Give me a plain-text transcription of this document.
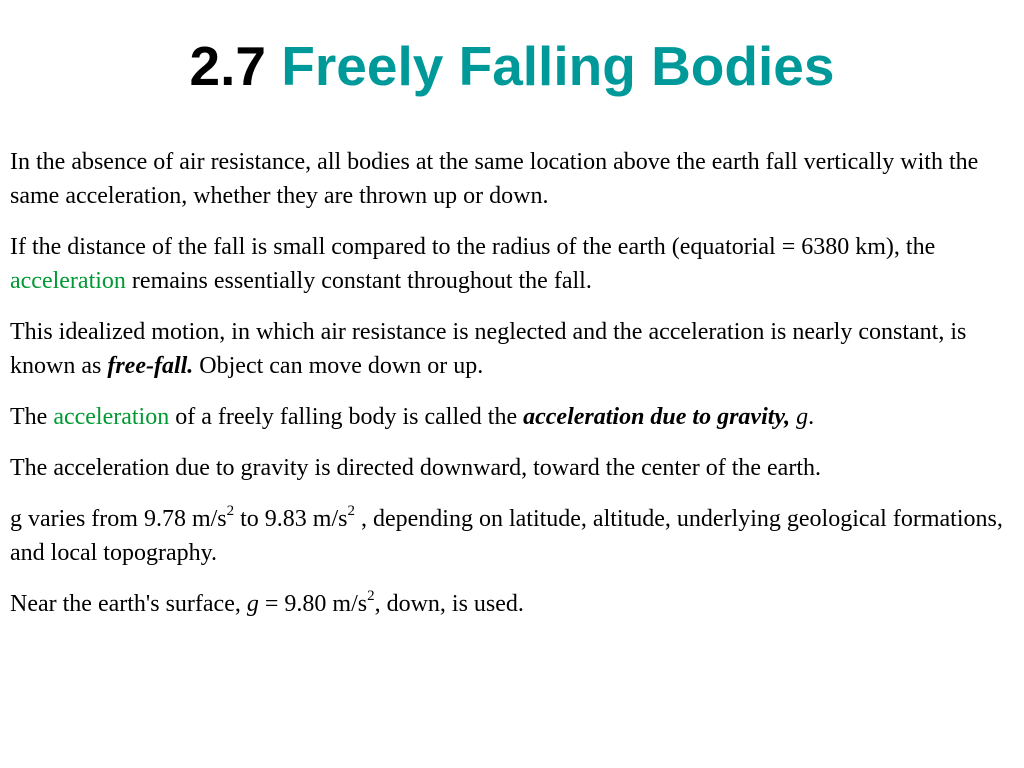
2.7 Freely Falling Bodies

In the absence of air resistance, all bodies at the same location above the earth fall vertically with the same acceleration, whether they are thrown up or down.

If the distance of the fall is small compared to the radius of the earth (equatorial = 6380 km), the acceleration remains essentially constant throughout the fall.

This idealized motion, in which air resistance is neglected and the acceleration is nearly constant, is known as free-fall. Object can move down or up.

The acceleration of a freely falling body is called the acceleration due to gravity, g.

The acceleration due to gravity is directed downward, toward the center of the earth.

g varies from 9.78 $m/s^2$ to 9.83 $m/s^2$ , depending on latitude, altitude, underlying geological formations, and local topography.

Near the earth's surface, g = 9.80 $m/s^2$, down, is used.
